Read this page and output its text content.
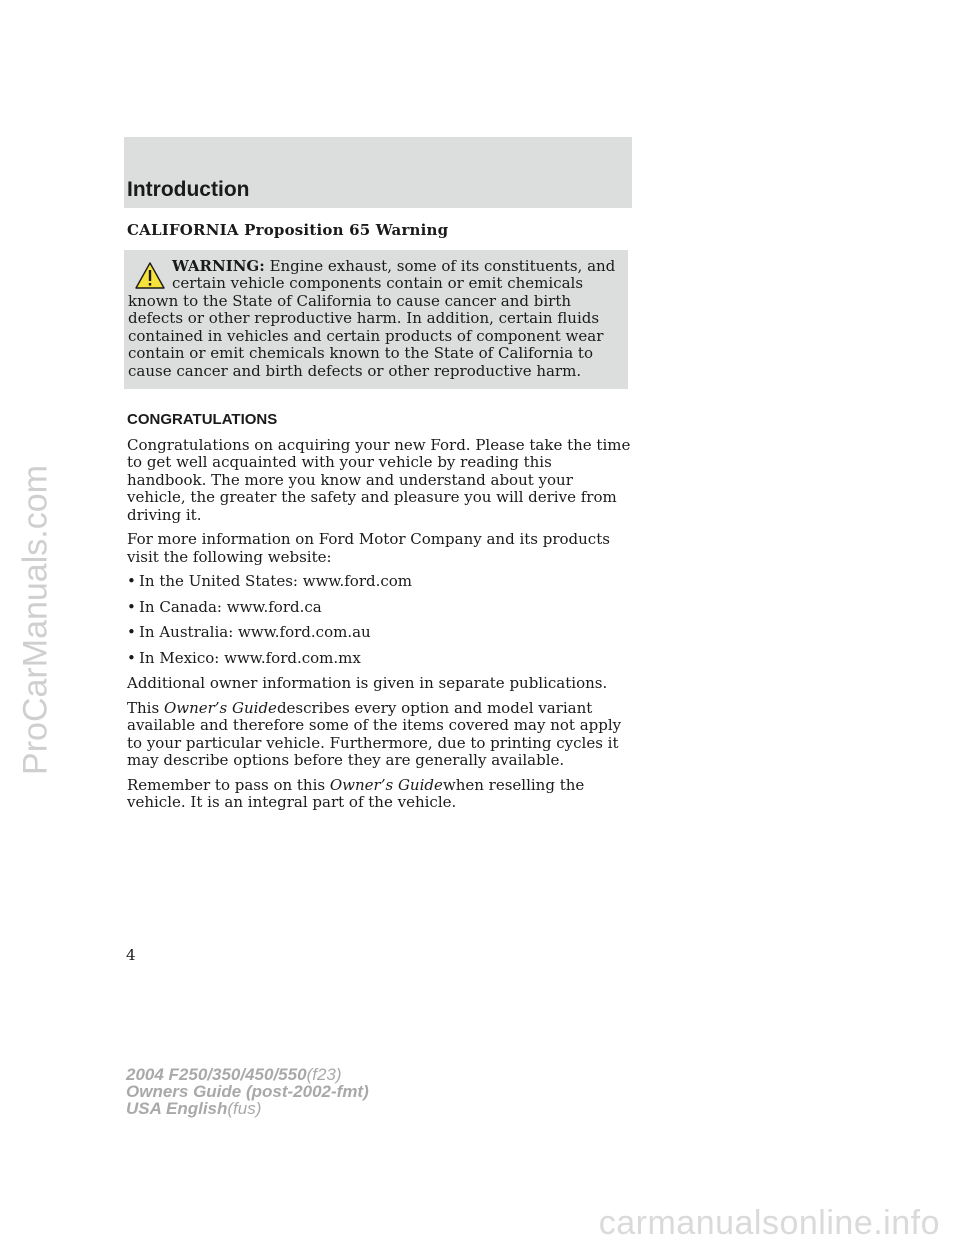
Introduction
CALIFORNIA Proposition 65 Warning
WARNING: Engine exhaust, some of its constituents, and certain vehicle components contain or emit chemicals known to the State of California to cause cancer and birth defects or other reproductive harm. In addition, certain fluids contained in vehicles and certain products of component wear contain or emit chemicals known to the State of California to cause cancer and birth defects or other reproductive harm.
CONGRATULATIONS

Congratulations on acquiring your new Ford. Please take the time to get well acquainted with your vehicle by reading this handbook. The more you know and understand about your vehicle, the greater the safety and pleasure you will derive from driving it.

For more information on Ford Motor Company and its products visit the following website:

• In the United States: www.ford.com
• In Canada: www.ford.ca
• In Australia: www.ford.com.au
• In Mexico: www.ford.com.mx

Additional owner information is given in separate publications.

This Owner’s Guidedescribes every option and model variant available and therefore some of the items covered may not apply to your particular vehicle. Furthermore, due to printing cycles it may describe options before they are generally available.

Remember to pass on this Owner’s Guidewhen reselling the vehicle. It is an integral part of the vehicle.

4
2004 F250/350/450/550(f23)
Owners Guide (post-2002-fmt)
USA English(fus)
ProCarManuals.com
carmanualsonline.info
